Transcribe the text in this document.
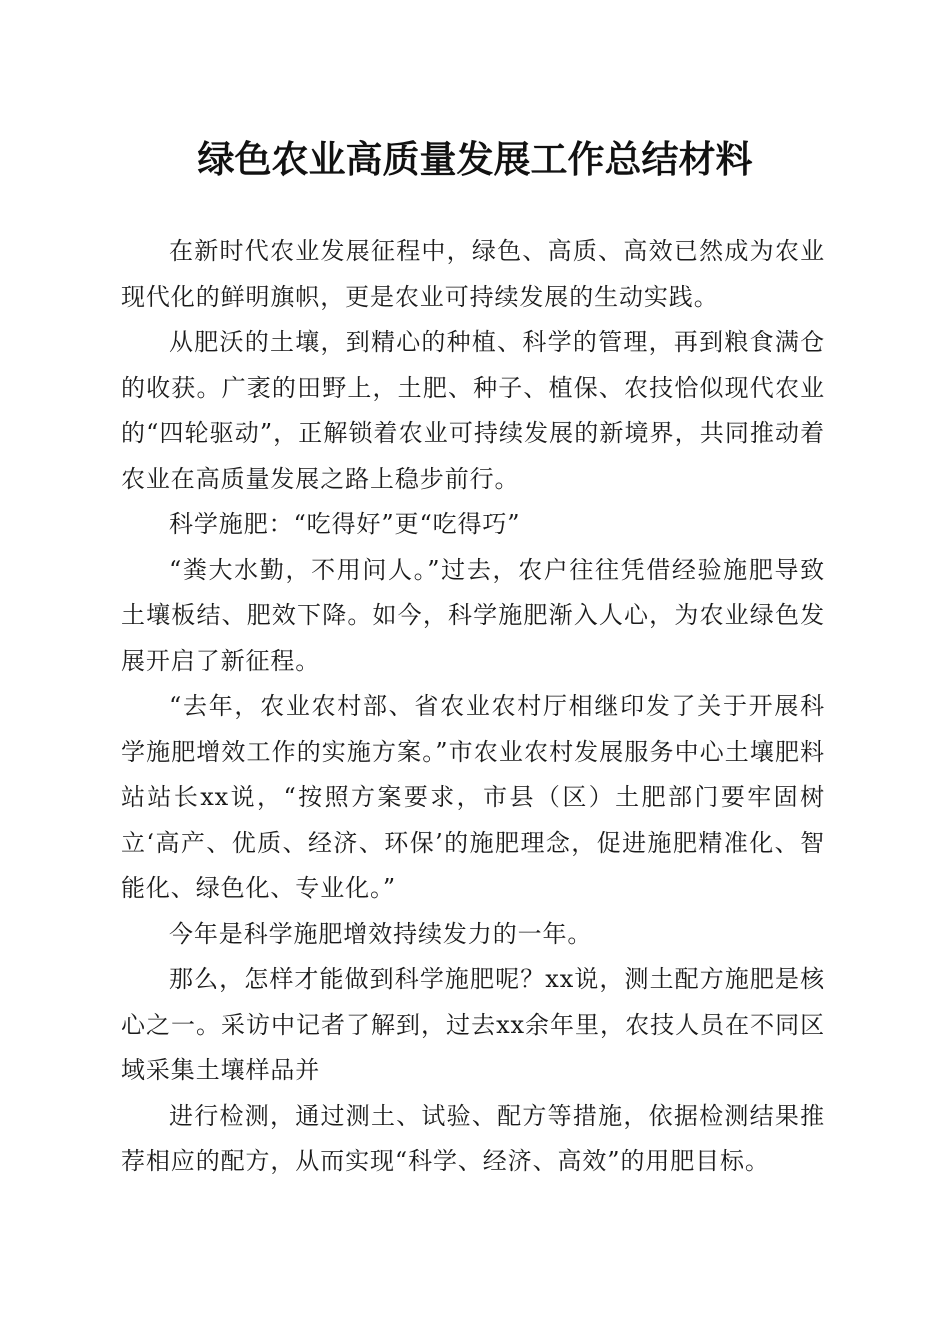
绿色农业高质量发展工作总结材料

在新时代农业发展征程中，绿色、高质、高效已然成为农业现代化的鲜明旗帜，更是农业可持续发展的生动实践。

从肥沃的土壤，到精心的种植、科学的管理，再到粮食满仓的收获。广袤的田野上，土肥、种子、植保、农技恰似现代农业的“四轮驱动”，正解锁着农业可持续发展的新境界，共同推动着农业在高质量发展之路上稳步前行。

科学施肥：“吃得好”更“吃得巧”

“粪大水勤，不用问人。”过去，农户往往凭借经验施肥导致土壤板结、肥效下降。如今，科学施肥渐入人心，为农业绿色发展开启了新征程。

“去年，农业农村部、省农业农村厅相继印发了关于开展科学施肥增效工作的实施方案。”市农业农村发展服务中心土壤肥料站站长xx说，“按照方案要求，市县（区）土肥部门要牢固树立‘高产、优质、经济、环保’的施肥理念，促进施肥精准化、智能化、绿色化、专业化。”

今年是科学施肥增效持续发力的一年。

那么，怎样才能做到科学施肥呢？xx说，测土配方施肥是核心之一。采访中记者了解到，过去xx余年里，农技人员在不同区域采集土壤样品并

进行检测，通过测土、试验、配方等措施，依据检测结果推荐相应的配方，从而实现“科学、经济、高效”的用肥目标。
